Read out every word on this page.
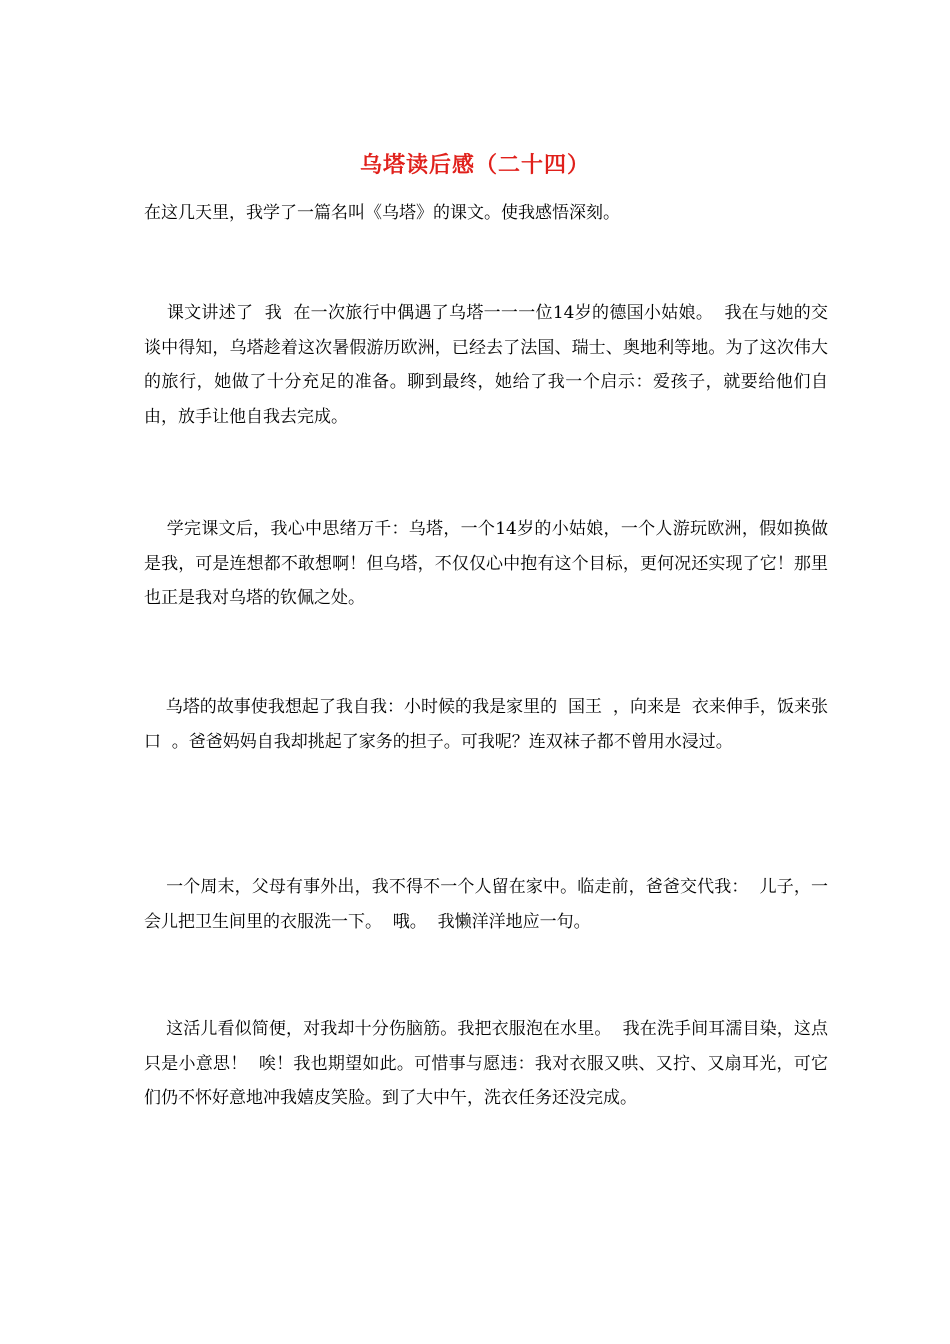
乌塔读后感（二十四）

在这几天里，我学了一篇名叫《乌塔》的课文。使我感悟深刻。

课文讲述了  我  在一次旅行中偶遇了乌塔一一一位14岁的德国小姑娘。  我在与她的交谈中得知，乌塔趁着这次暑假游历欧洲，已经去了法国、瑞士、奥地利等地。为了这次伟大的旅行，她做了十分充足的准备。聊到最终，她给了我一个启示：爱孩子，就要给他们自由，放手让他自我去完成。

学完课文后，我心中思绪万千：乌塔，一个14岁的小姑娘，一个人游玩欧洲，假如换做是我，可是连想都不敢想啊！但乌塔，不仅仅心中抱有这个目标，更何况还实现了它！那里也正是我对乌塔的钦佩之处。

乌塔的故事使我想起了我自我：小时候的我是家里的  国王  ，向来是  衣来伸手，饭来张口  。爸爸妈妈自我却挑起了家务的担子。可我呢？连双袜子都不曾用水浸过。

一个周末，父母有事外出，我不得不一个人留在家中。临走前，爸爸交代我：  儿子，一会儿把卫生间里的衣服洗一下。  哦。  我懒洋洋地应一句。

这活儿看似简便，对我却十分伤脑筋。我把衣服泡在水里。  我在洗手间耳濡目染，这点只是小意思！  唉！我也期望如此。可惜事与愿违：我对衣服又哄、又拧、又扇耳光，可它们仍不怀好意地冲我嬉皮笑脸。到了大中午，洗衣任务还没完成。
